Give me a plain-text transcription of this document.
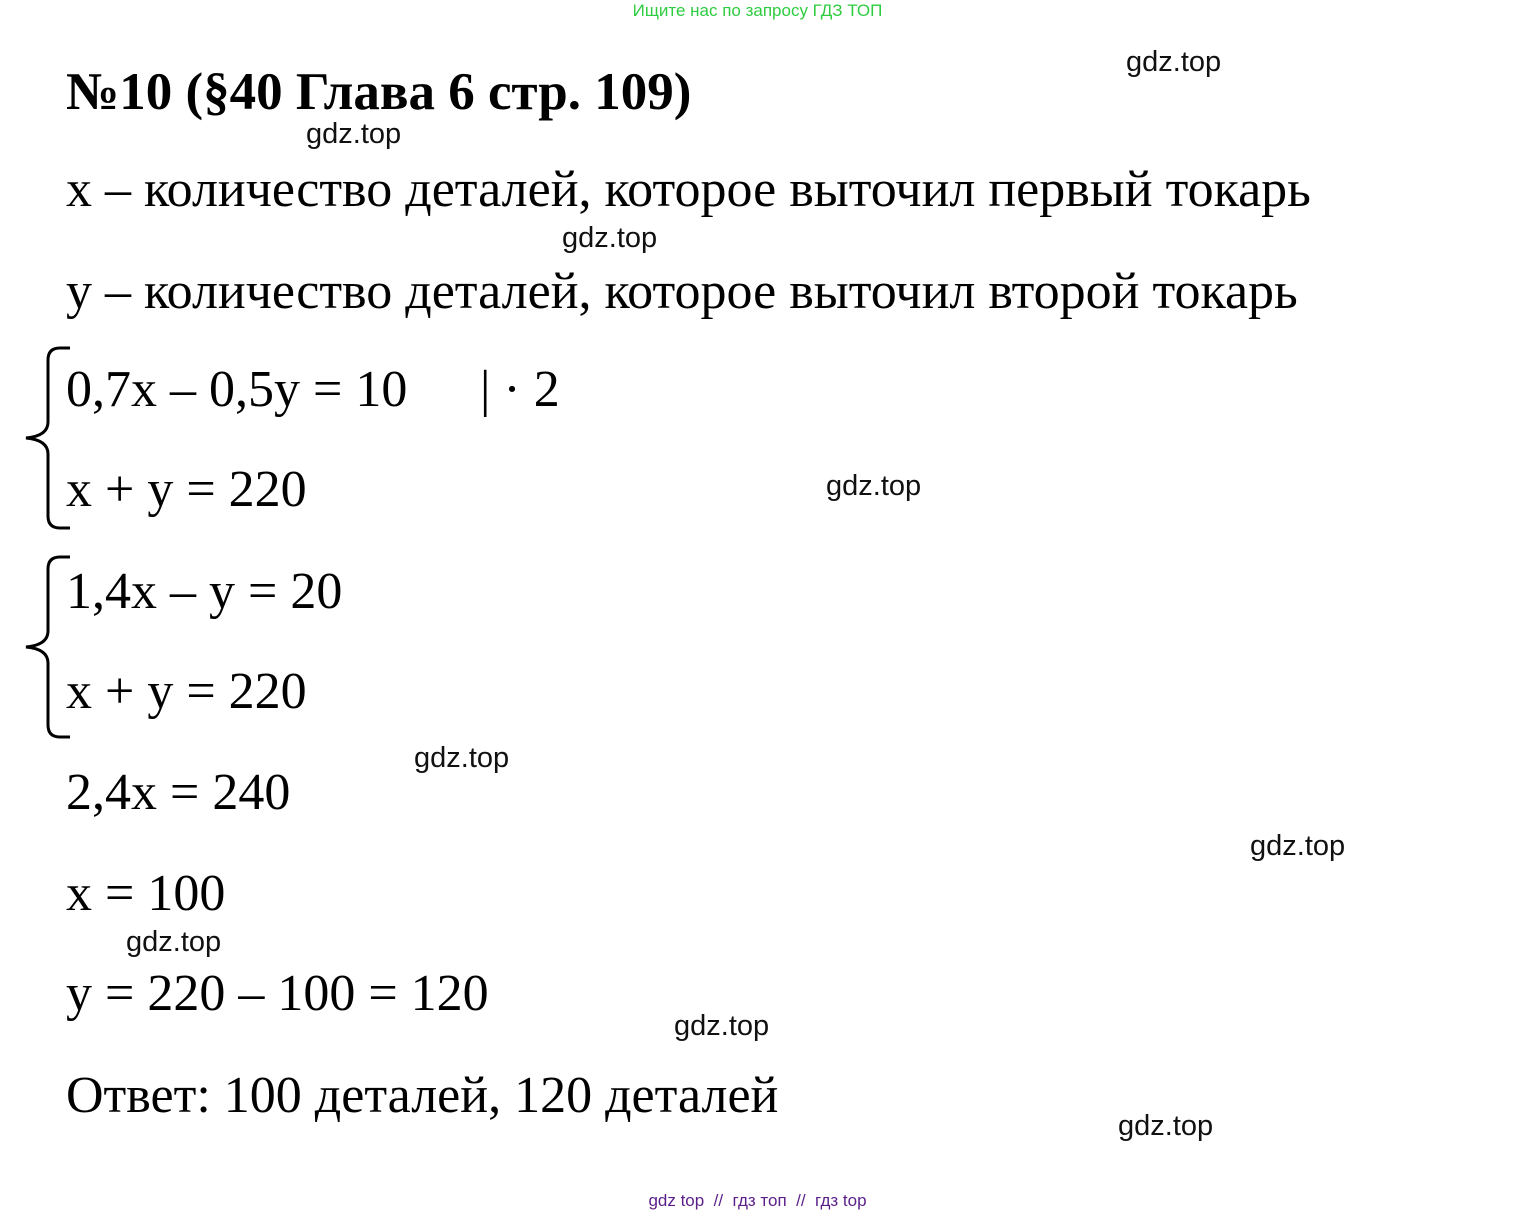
Ищите нас по запросу ГДЗ ТОП
№10 (§40 Глава 6 стр. 109)
x – количество деталей, которое выточил первый токарь
y – количество деталей, которое выточил второй токарь
0,7x – 0,5y = 10 | · 2
x + y = 220
1,4x – y = 20
x + y = 220
2,4x = 240
x = 100
y = 220 – 100 = 120
Ответ: 100 деталей, 120 деталей
gdz.top
gdz.top
gdz.top
gdz.top
gdz.top
gdz.top
gdz.top
gdz.top
gdz.top
gdz top  //  гдз топ  //  гдз top
